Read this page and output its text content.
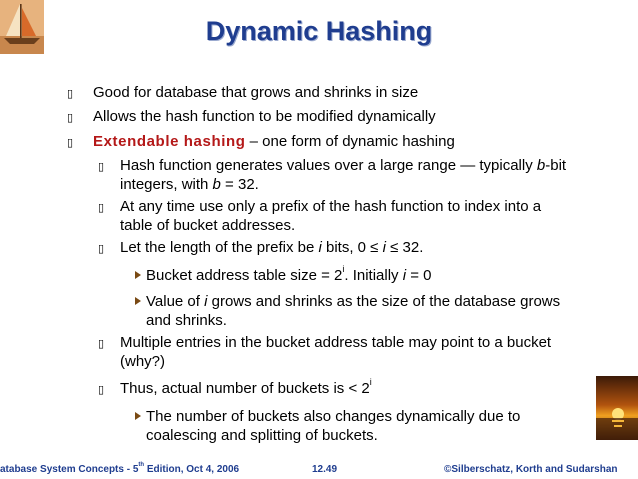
Dynamic Hashing
▯ Good for database that grows and shrinks in size
▯ Allows the hash function to be modified dynamically
▯ Extendable hashing – one form of dynamic hashing
▯ Hash function generates values over a large range — typically b-bit
integers, with b = 32.
▯ At any time use only a prefix of the hash function to index into a
table of bucket addresses.
▯ Let the length of the prefix be i bits, 0 ≤ i ≤ 32.
Bucket address table size = $2^i$. Initially i = 0
Value of i grows and shrinks as the size of the database grows
and shrinks.
▯ Multiple entries in the bucket address table may point to a bucket
(why?)
▯ Thus, actual number of buckets is < $2^i$
The number of buckets also changes dynamically due to
coalescing and splitting of buckets.
atabase System Concepts - 5th Edition, Oct 4, 2006	12.49	©Silberschatz, Korth and Sudarshan
